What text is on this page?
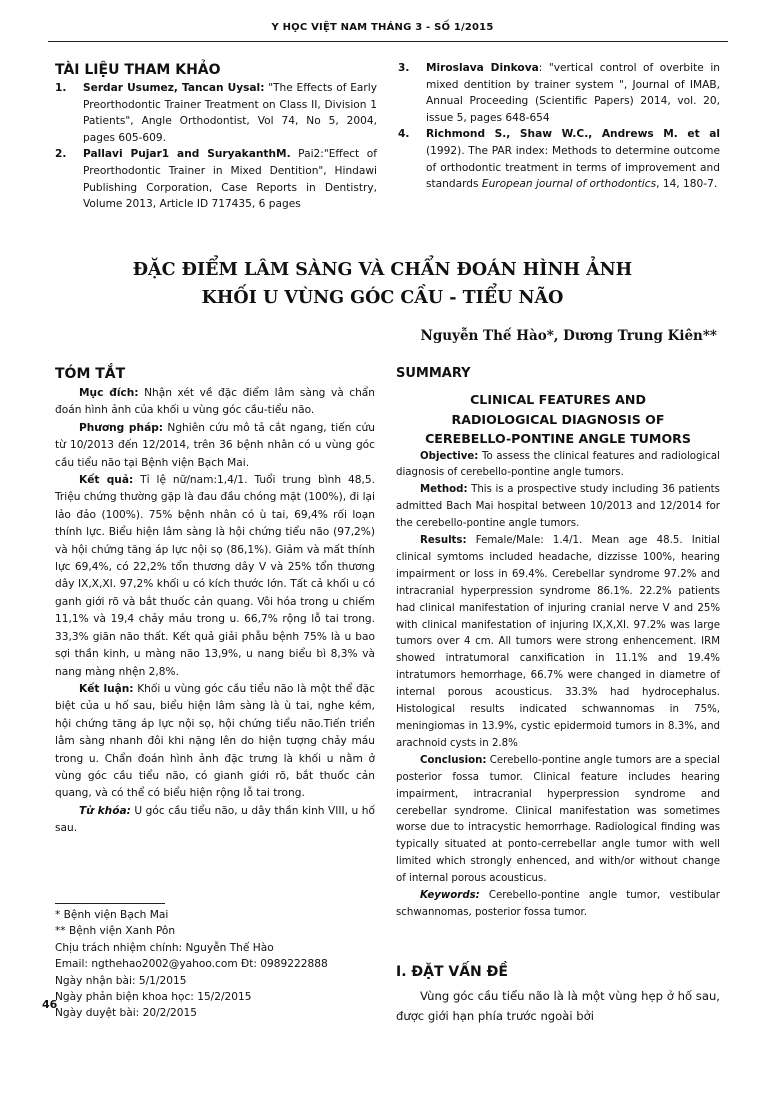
Y HỌC VIỆT NAM THÁNG 3 - SỐ 1/2015
TÀI LIỆU THAM KHẢO
1.	Serdar Usumez, Tancan Uysal: "The Effects of Early Preorthodontic Trainer Treatment on Class II, Division 1 Patients", Angle Orthodontist, Vol 74, No 5, 2004, pages 605-609.
2.	Pallavi Pujar1 and SuryakanthM. Pai2:"Effect of Preorthodontic Trainer in Mixed Dentition", Hindawi Publishing Corporation, Case Reports in Dentistry, Volume 2013, Article ID 717435, 6 pages
3.	Miroslava Dinkova: "vertical control of overbite in mixed dentition by trainer system ", Journal of IMAB, Annual Proceeding (Scientific Papers) 2014, vol. 20, issue 5, pages 648-654
4.	Richmond S., Shaw W.C., Andrews M. et al (1992). The PAR index: Methods to determine outcome of orthodontic treatment in terms of improvement and standards European journal of orthodontics, 14, 180-7.
ĐẶC ĐIỂM LÂM SÀNG VÀ CHẨN ĐOÁN HÌNH ẢNH
KHỐI U VÙNG GÓC CẦU - TIỂU NÃO
Nguyễn Thế Hào*, Dương Trung Kiên**
TÓM TẮT

Mục đích: Nhận xét về đặc điểm lâm sàng và chẩn đoán hình ảnh của khối u vùng góc cầu-tiểu não.

Phương pháp: Nghiên cứu mô tả cắt ngang, tiến cứu từ 10/2013 đến 12/2014, trên 36 bệnh nhân có u vùng góc cầu tiểu não tại Bệnh viện Bạch Mai.

Kết quả: Tỉ lệ nữ/nam:1,4/1. Tuổi trung bình 48,5. Triệu chứng thường gặp là đau đầu chóng mặt (100%), đi lại lảo đảo (100%). 75% bệnh nhân có ù tai, 69,4% rối loạn thính lực. Biểu hiện lâm sàng là hội chứng tiểu não (97,2%) và hội chứng tăng áp lực nội sọ (86,1%). Giảm và mất thính lực 69,4%, có 22,2% tổn thương dây V và 25% tổn thương dây IX,X,XI. 97,2% khối u có kích thước lớn. Tất cả khối u có ganh giới rõ và bắt thuốc cản quang. Vôi hóa trong u chiếm 11,1% và 19,4 chảy máu trong u. 66,7% rộng lỗ tai trong. 33,3% giãn não thất. Kết quả giải phẫu bệnh 75% là u bao sợi thần kinh, u màng não 13,9%, u nang biểu bì 8,3% và nang màng nhện 2,8%.

Kết luận: Khối u vùng góc cầu tiểu não là một thể đặc biệt của u hố sau, biểu hiện lâm sàng là ù tai, nghe kém, hội chứng tăng áp lực nội sọ, hội chứng tiểu não.Tiến triển lâm sàng nhanh đôi khi nặng lên do hiện tượng chảy máu trong u. Chẩn đoán hình ảnh đặc trưng là khối u nằm ở vùng góc cầu tiểu não, có gianh giới rõ, bắt thuốc cản quang, và có thể có biểu hiện rộng lỗ tai trong.

Từ khóa: U góc cầu tiểu não, u dây thần kinh VIII, u hố sau.

* Bệnh viện Bạch Mai
** Bệnh viện Xanh Pôn
Chịu trách nhiệm chính: Nguyễn Thế Hào
Email: ngthehao2002@yahoo.com Đt: 0989222888
Ngày nhận bài: 5/1/2015
Ngày phản biện khoa học: 15/2/2015
Ngày duyệt bài: 20/2/2015
SUMMARY
CLINICAL FEATURES AND
RADIOLOGICAL DIAGNOSIS OF
CEREBELLO-PONTINE ANGLE TUMORS

Objective: To assess the clinical features and radiological diagnosis of cerebello-pontine angle tumors.

Method: This is a prospective study including 36 patients admitted Bach Mai hospital between 10/2013 and 12/2014 for the cerebello-pontine angle tumors.

Results: Female/Male: 1.4/1. Mean age 48.5. Initial clinical symtoms included headache, dizzisse 100%, hearing impairment or loss in 69.4%. Cerebellar syndrome 97.2% and intracranial hyperpression syndrome 86.1%. 22.2% patients had clinical manifestation of injuring cranial nerve V and 25% with clinical manifestation of injuring IX,X,XI. 97.2% was large tumors over 4 cm. All tumors were strong enhencement. IRM showed intratumoral canxification in 11.1% and 19.4% intratumors hemorrhage, 66.7% were changed in diametre of internal porous acousticus. 33.3% had hydrocephalus. Histological results indicated schwannomas in 75%, meningiomas in 13.9%, cystic epidermoid tumors in 8.3%, and arachnoid cysts in 2.8%

Conclusion: Cerebello-pontine angle tumors are a special posterior fossa tumor. Clinical feature includes hearing impairment, intracranial hyperpression syndrome and cerebellar syndrome. Clinical manifestation was sometimes worse due to intracystic hemorrhage. Radiological finding was typically situated at ponto-cerrebellar angle tumor with well limited which strongly enhenced, and with/or without change of internal porous acousticus.

Keywords: Cerebello-pontine angle tumor, vestibular schwannomas, posterior fossa tumor.

I. ĐẶT VẤN ĐỀ

Vùng góc cầu tiểu não là là một vùng hẹp ở hố sau, được giới hạn phía trước ngoài bởi

46
